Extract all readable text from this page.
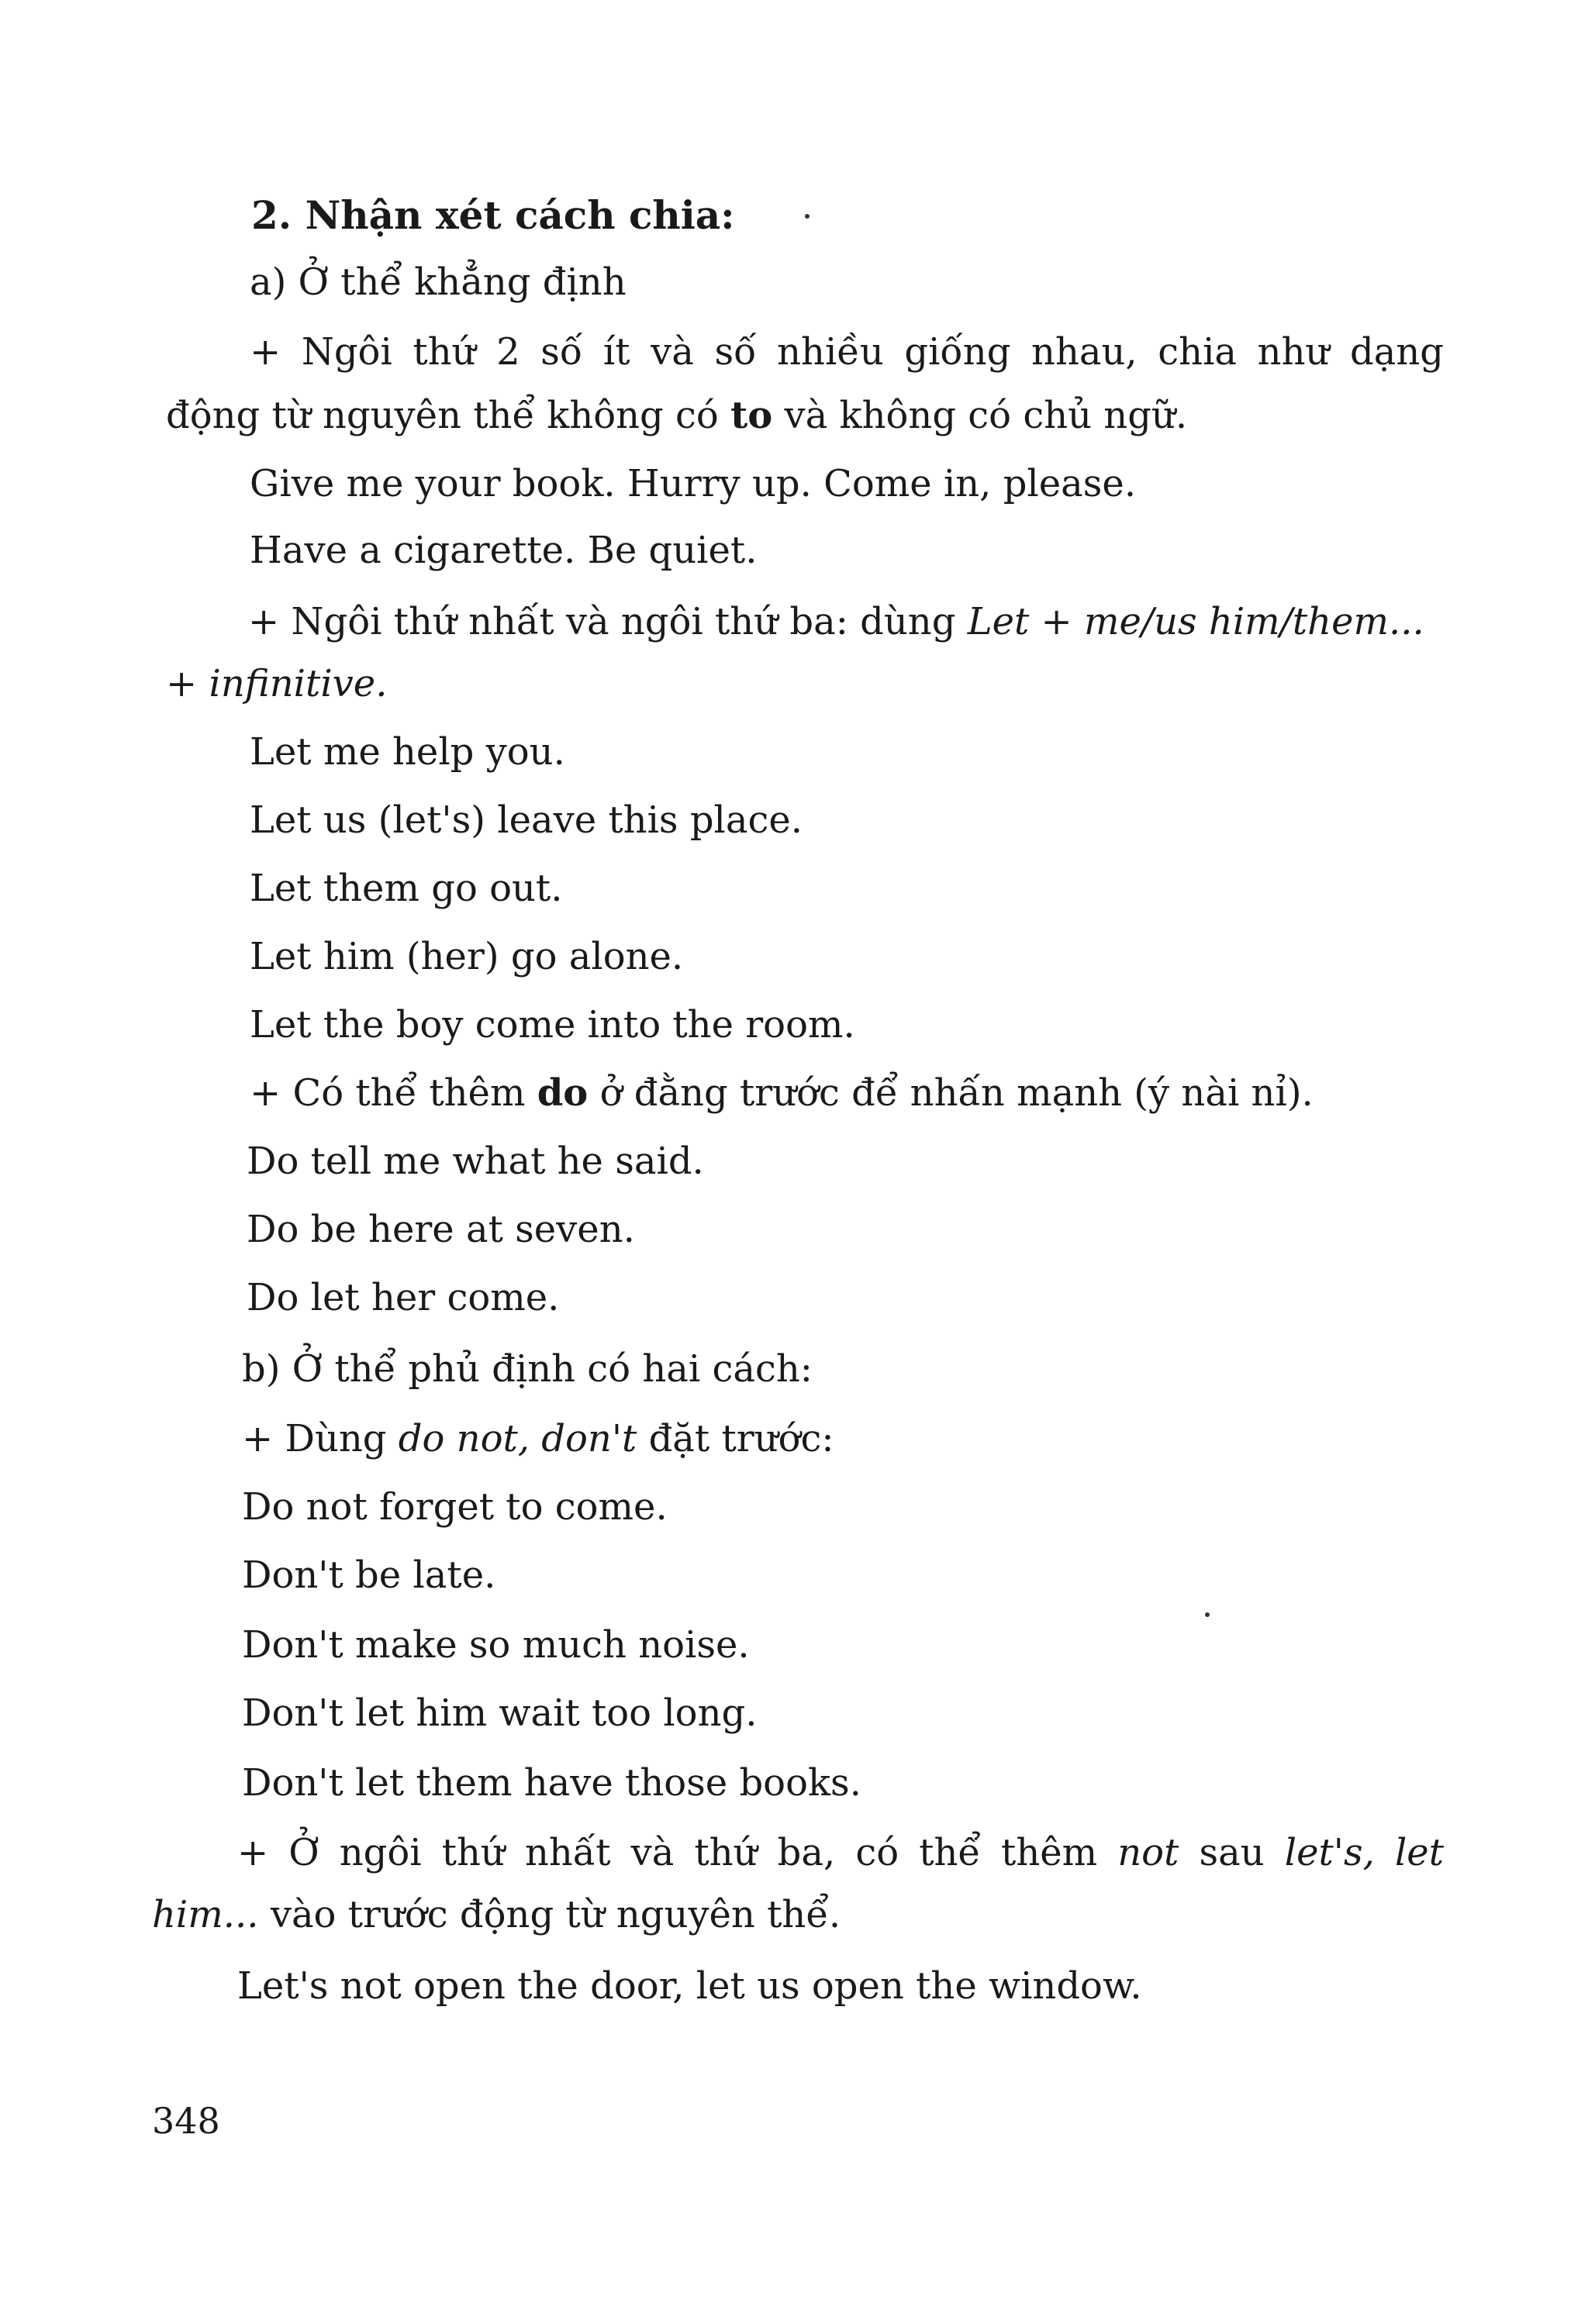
2. Nhận xét cách chia:
a) Ở thể khẳng định
+ Ngôi thứ 2 số ít và số nhiều giống nhau, chia như dạng
động từ nguyên thể không có to và không có chủ ngữ.
Give me your book. Hurry up. Come in, please.
Have a cigarette. Be quiet.
+ Ngôi thứ nhất và ngôi thứ ba: dùng Let + me/us him/them...
+ infinitive.
Let me help you.
Let us (let's) leave this place.
Let them go out.
Let him (her) go alone.
Let the boy come into the room.
+ Có thể thêm do ở đằng trước để nhấn mạnh (ý nài nỉ).
Do tell me what he said.
Do be here at seven.
Do let her come.
b) Ở thể phủ định có hai cách:
+ Dùng do not, don't đặt trước:
Do not forget to come.
Don't be late.
Don't make so much noise.
Don't let him wait too long.
Don't let them have those books.
+ Ở ngôi thứ nhất và thứ ba, có thể thêm not sau let's, let
him... vào trước động từ nguyên thể.
Let's not open the door, let us open the window.
348
